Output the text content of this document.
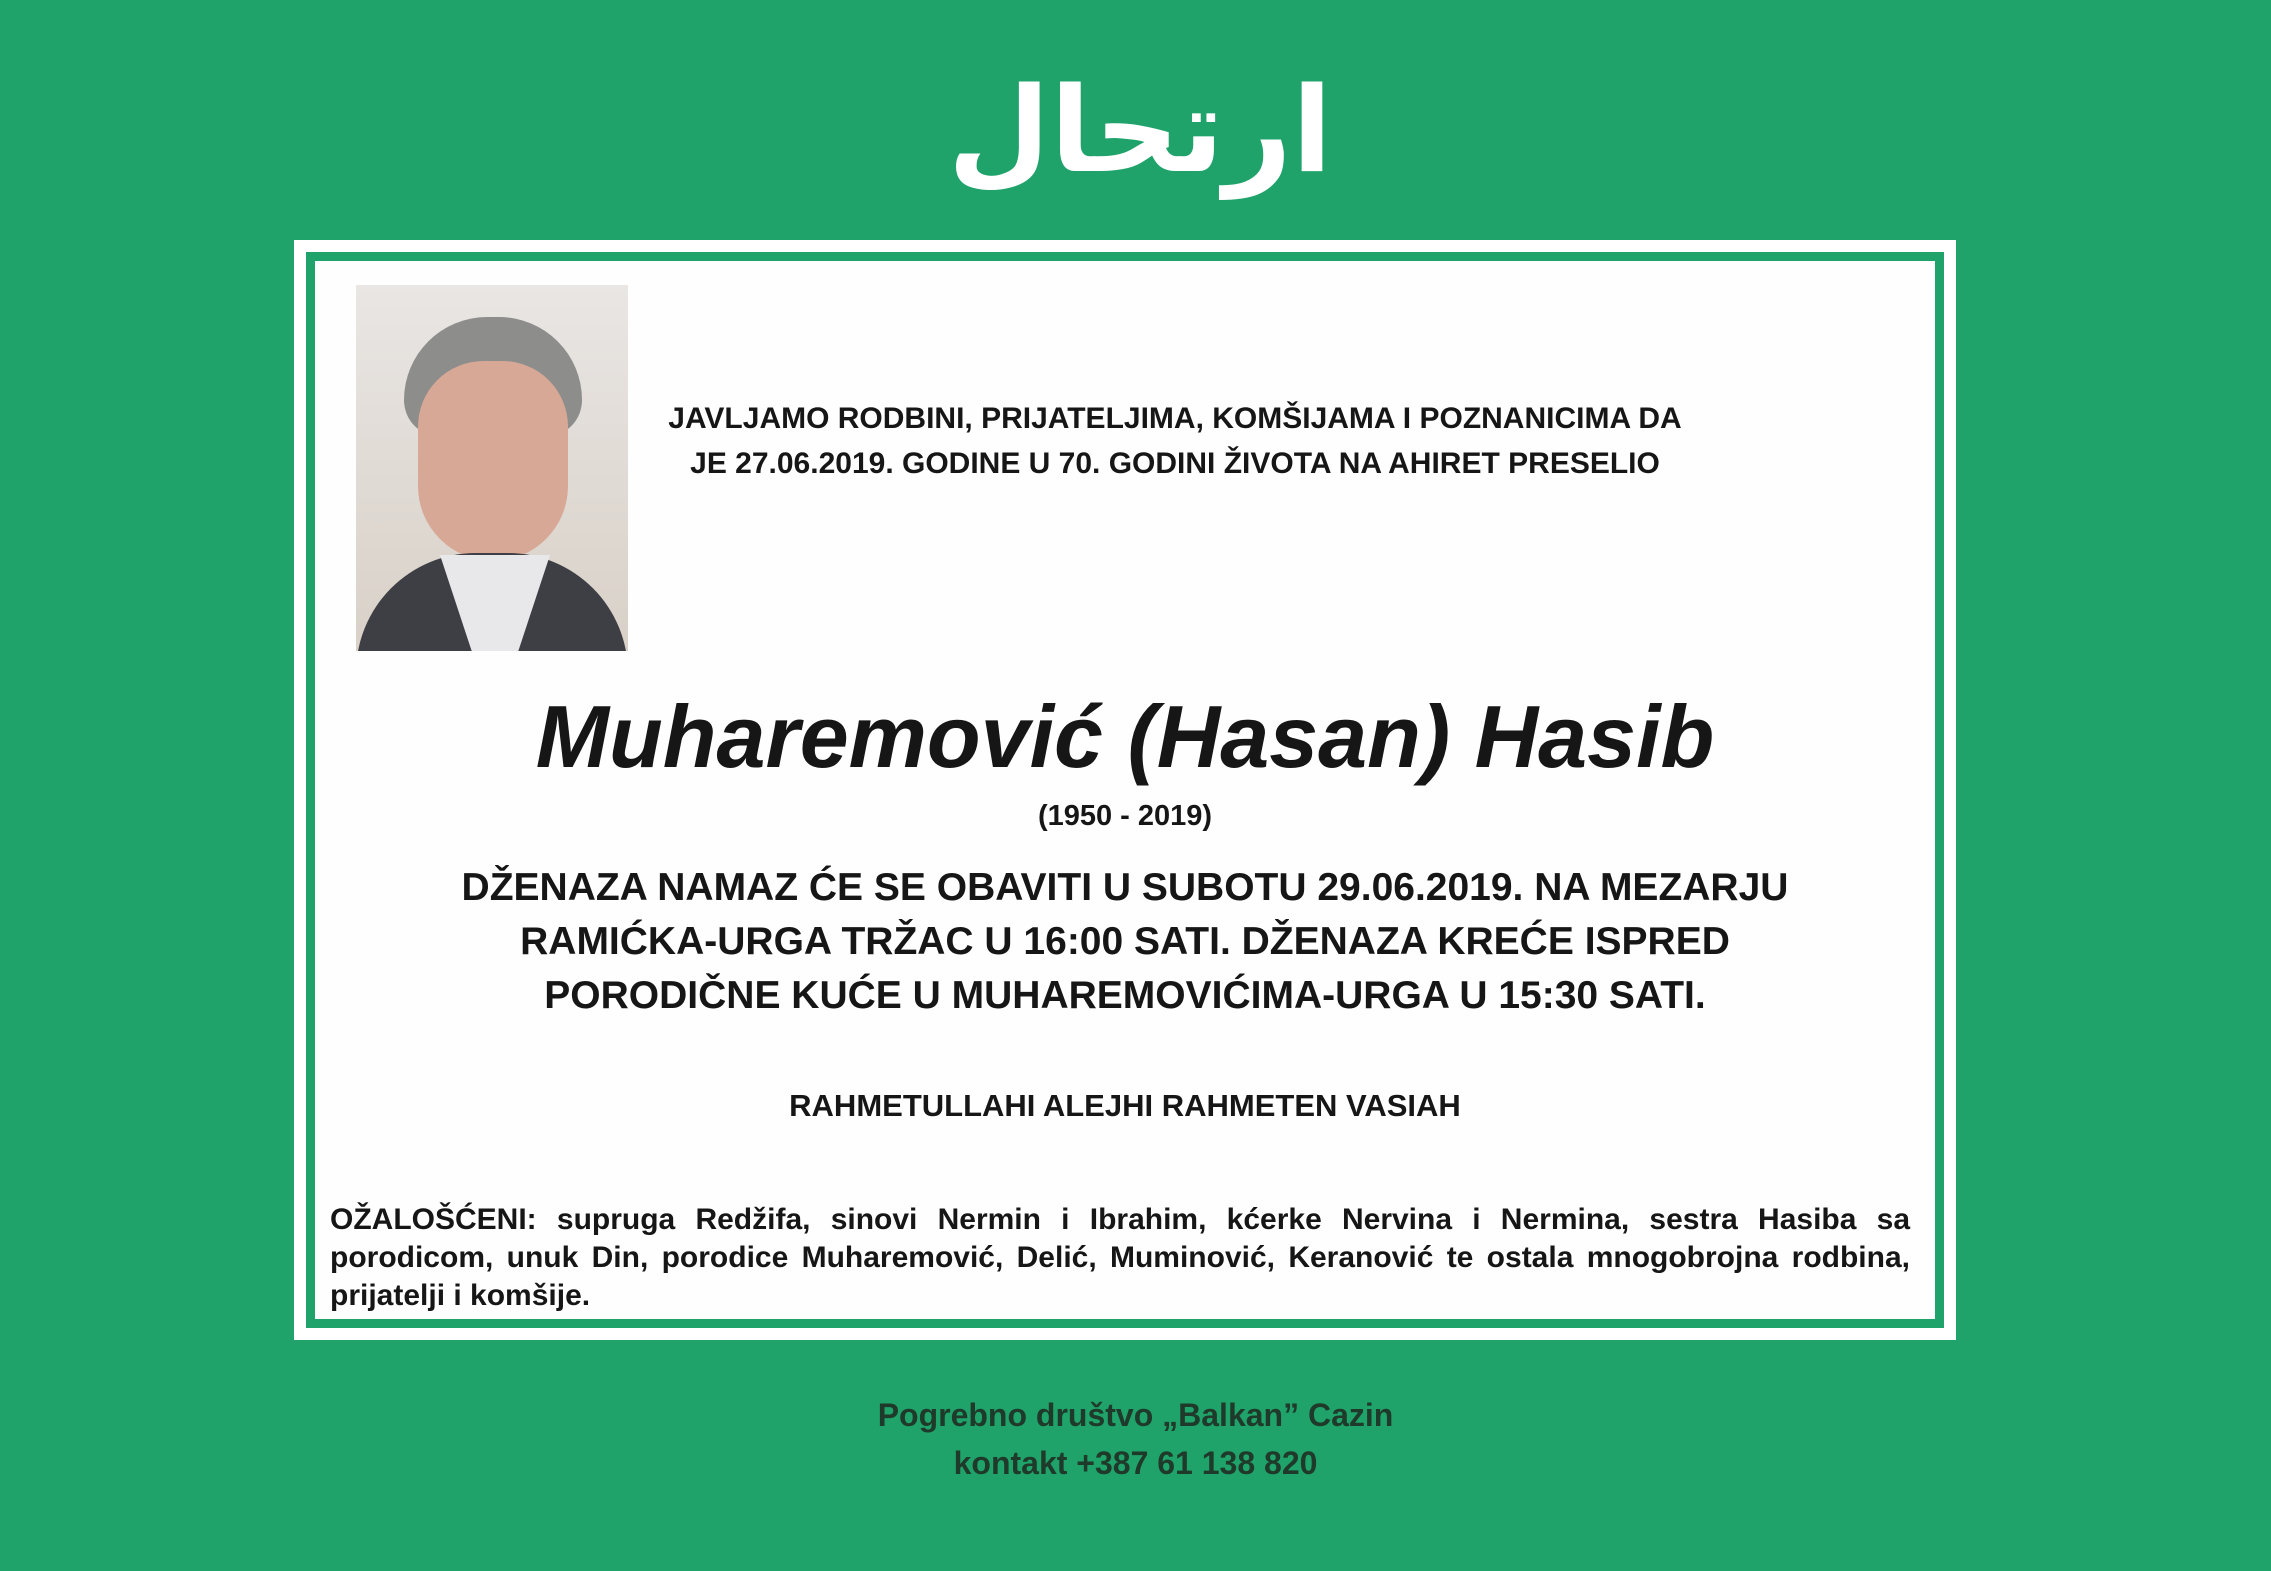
ارتحال
JAVLJAMO RODBINI, PRIJATELJIMA, KOMŠIJAMA I POZNANICIMA DA
JE 27.06.2019. GODINE U 70. GODINI ŽIVOTA NA AHIRET PRESELIO
Muharemović (Hasan) Hasib
(1950 - 2019)
DŽENAZA NAMAZ ĆE SE OBAVITI U SUBOTU 29.06.2019. NA MEZARJU
RAMIĆKA-URGA TRŽAC U 16:00 SATI. DŽENAZA KREĆE ISPRED
PORODIČNE KUĆE U MUHAREMOVIĆIMA-URGA U 15:30 SATI.
RAHMETULLAHI ALEJHI RAHMETEN VASIAH
OŽALOŠĆENI: supruga Redžifa, sinovi Nermin i Ibrahim, kćerke Nervina i Nermina, sestra Hasiba sa porodicom, unuk Din, porodice Muharemović, Delić, Muminović, Keranović te ostala mnogobrojna rodbina, prijatelji i komšije.
Pogrebno društvo „Balkan” Cazin
kontakt +387 61 138 820
